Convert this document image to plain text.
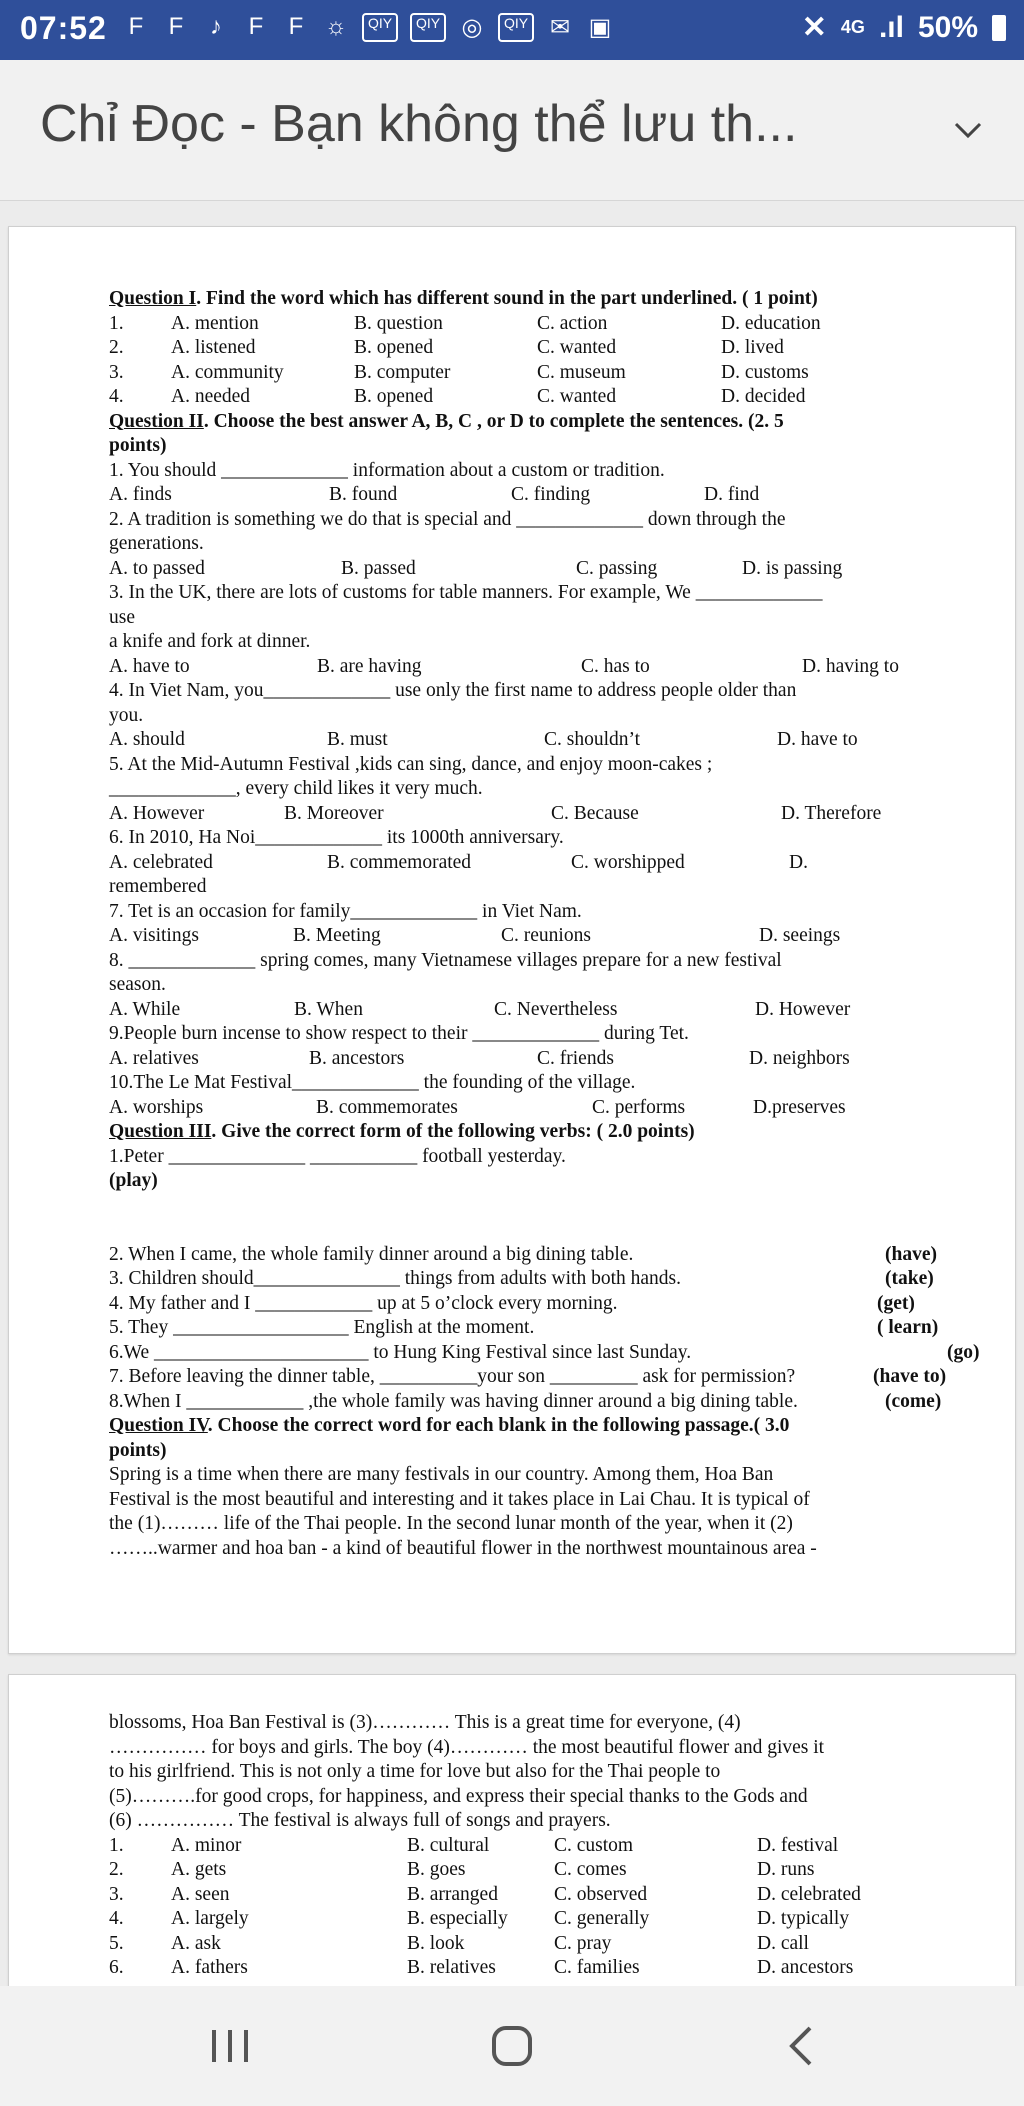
07:52 F F	♪	F F ☼	QIY	QIY ◎	QIY ✉ ▣	✕ 4G .ıl 50%
Chỉ Đọc - Bạn không thể lưu th...
Question I. Find the word which has different sound in the part underlined. ( 1 point)
1. A. mention	B. question	C. action	D. education
2. A. listened	B. opened	C. wanted	D. lived
3. A. community	B. computer	C. museum	D. customs
4. A. needed	B. opened	C. wanted	D. decided
Question II. Choose the best answer A, B, C , or D to complete the sentences. (2. 5
points)
1. You should _____________ information about a custom or tradition.
A. finds	B. found	C. finding	D. find
2. A tradition is something we do that is special and _____________ down through the
generations.
A. to passed	B. passed	C. passing	D. is passing
3. In the UK, there are lots of customs for table manners. For example, We _____________
use
a knife and fork at dinner.
A. have to	B. are having	C. has to	D. having to
4. In Viet Nam, you_____________ use only the first name to address people older than
you.
A. should	B. must	C. shouldn’t	D. have to
5. At the Mid-Autumn Festival ,kids can sing, dance, and enjoy moon-cakes ;
_____________, every child likes it very much.
A. However	B. Moreover	C. Because	D. Therefore
6. In 2010, Ha Noi_____________ its 1000th anniversary.
A. celebrated	B. commemorated	C. worshipped	D.
remembered
7. Tet is an occasion for family_____________ in Viet Nam.
A. visitings	B. Meeting	C. reunions	D. seeings
8. _____________ spring comes, many Vietnamese villages prepare for a new festival
season.
A. While	B. When	C. Nevertheless	D. However
9.People burn incense to show respect to their _____________ during Tet.
A. relatives	B. ancestors	C. friends	D. neighbors
10.The Le Mat Festival_____________ the founding of the village.
A. worships	B. commemorates	C. performs	D.preserves
Question III. Give the correct form of the following verbs: ( 2.0 points)
1.Peter ______________ ___________ football yesterday.
(play)
2. When I came, the whole family dinner around a big dining table.	(have)
3. Children should_______________ things from adults with both hands.	(take)
4. My father and I ____________ up at 5 o’clock every morning.	(get)
5. They __________________ English at the moment.	( learn)
6.We ______________________ to Hung King Festival since last Sunday.	(go)
7. Before leaving the dinner table, __________your son _________ ask for permission?	(have to)
8.When I ____________ ,the whole family was having dinner around a big dining table.	(come)
Question IV. Choose the correct word for each blank in the following passage.( 3.0
points)
Spring is a time when there are many festivals in our country. Among them, Hoa Ban
Festival is the most beautiful and interesting and it takes place in Lai Chau. It is typical of
the (1)……… life of the Thai people. In the second lunar month of the year, when it (2)
……..warmer and hoa ban - a kind of beautiful flower in the northwest mountainous area -
blossoms, Hoa Ban Festival is (3)………… This is a great time for everyone, (4)
…………… for boys and girls. The boy (4)………… the most beautiful flower and gives it
to his girlfriend. This is not only a time for love but also for the Thai people to
(5)……….for good crops, for happiness, and express their special thanks to the Gods and
(6) …………… The festival is always full of songs and prayers.
1. A. minor	B. cultural	C. custom	D. festival
2. A. gets	B. goes	C. comes	D. runs
3. A. seen	B. arranged	C. observed	D. celebrated
4. A. largely	B. especially C. generally	D. typically
5. A. ask	B. look	C. pray	D. call
6. A. fathers	B. relatives	C. families	D. ancestors
